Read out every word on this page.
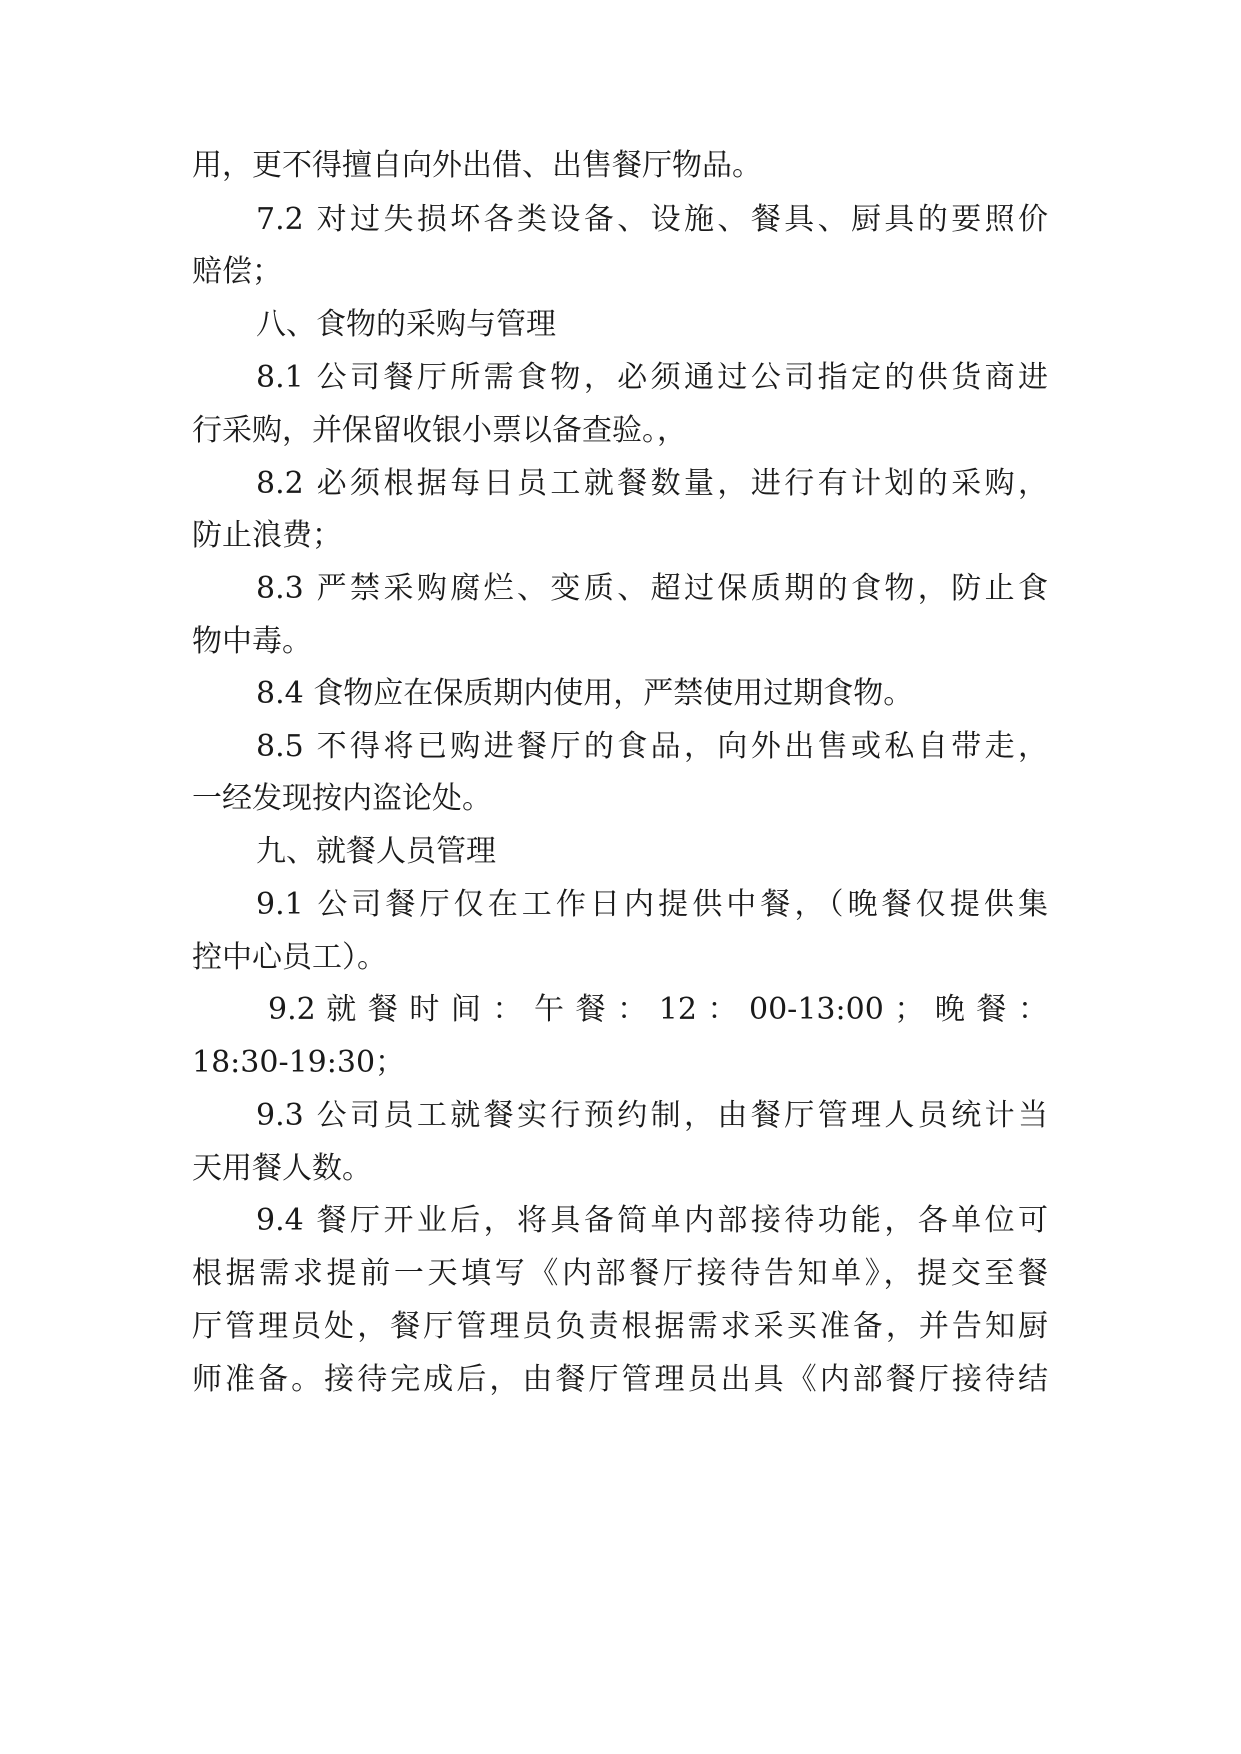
用，更不得擅自向外出借、出售餐厅物品。
7.2 对过失损坏各类设备、设施、餐具、厨具的要照价
赔偿；
八、食物的采购与管理
8.1 公司餐厅所需食物，必须通过公司指定的供货商进
行采购，并保留收银小票以备查验。，
8.2 必须根据每日员工就餐数量，进行有计划的采购，
防止浪费；
8.3 严禁采购腐烂、变质、超过保质期的食物，防止食
物中毒。
8.4 食物应在保质期内使用，严禁使用过期食物。
8.5 不得将已购进餐厅的食品，向外出售或私自带走，
一经发现按内盗论处。
九、就餐人员管理
9.1 公司餐厅仅在工作日内提供中餐，（晚餐仅提供集
控中心员工）。
9.2 就 餐 时 间 ： 午 餐 ： 12 ： 00-13:00 ； 晚 餐 ：
18:30-19:30；
9.3 公司员工就餐实行预约制，由餐厅管理人员统计当
天用餐人数。
9.4 餐厅开业后，将具备简单内部接待功能，各单位可
根据需求提前一天填写《内部餐厅接待告知单》，提交至餐
厅管理员处，餐厅管理员负责根据需求采买准备，并告知厨
师准备。接待完成后，由餐厅管理员出具《内部餐厅接待结
